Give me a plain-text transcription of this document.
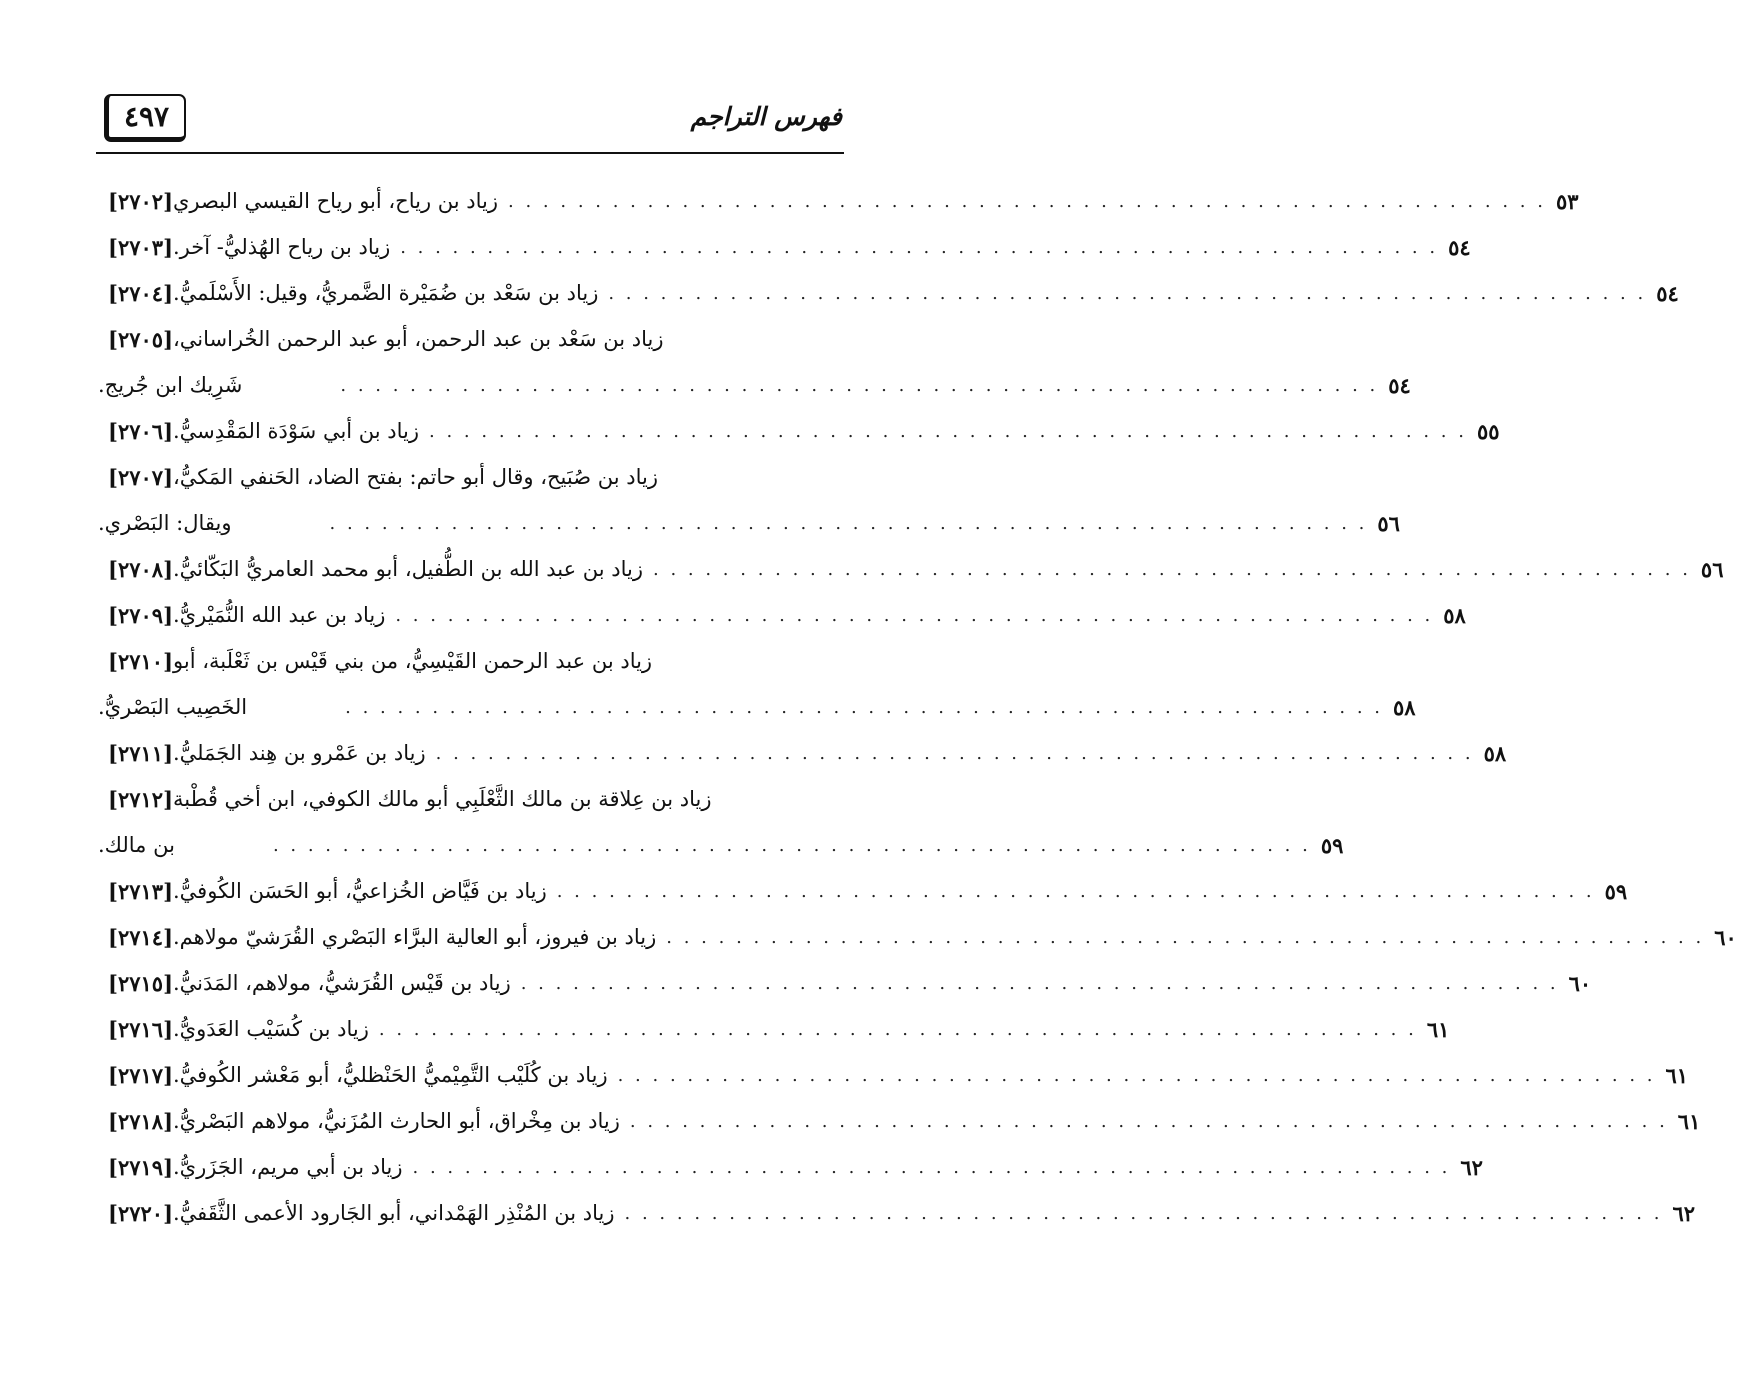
٤٩٧	فهرس التراجم
[٢٧٠٢] زياد بن رياح، أبو رياح القيسي البصري . . . . . . . . . . . . . . . . . . . . . . . . . . . . . . . . . . . . . . . . . . . . . . . . . . . . . . . . . . . . ٥٣
[٢٧٠٣] زياد بن رياح الهُذليُّ- آخر. . . . . . . . . . . . . . . . . . . . . . . . . . . . . . . . . . . . . . . . . . . . . . . . . . . . . . . . . . . . . ٥٤
[٢٧٠٤] زياد بن سَعْد بن ضُمَيْرة الضَّمريُّ، وقيل: الأَسْلَميُّ. . . . . . . . . . . . . . . . . . . . . . . . . . . . . . . . . . . . . . . . . . . . . . . . . . . . . . . . . . . . . ٥٤
[٢٧٠٥] زياد بن سَعْد بن عبد الرحمن، أبو عبد الرحمن الخُراساني،
شَرِيك ابن جُريج.	. . . . . . . . . . . . . . . . . . . . . . . . . . . . . . . . . . . . . . . . . . . . . . . . . . . . . . . . . . . . ٥٤
[٢٧٠٦] زياد بن أبي سَوْدَة المَقْدِسيُّ. . . . . . . . . . . . . . . . . . . . . . . . . . . . . . . . . . . . . . . . . . . . . . . . . . . . . . . . . . . . . ٥٥
[٢٧٠٧] زياد بن صُبَيح، وقال أبو حاتم: بفتح الضاد، الحَنفي المَكيُّ،
ويقال: البَصْري.	. . . . . . . . . . . . . . . . . . . . . . . . . . . . . . . . . . . . . . . . . . . . . . . . . . . . . . . . . . . . ٥٦
[٢٧٠٨] زياد بن عبد الله بن الطُّفيل، أبو محمد العامريُّ البَكّائيُّ. . . . . . . . . . . . . . . . . . . . . . . . . . . . . . . . . . . . . . . . . . . . . . . . . . . . . . . . . . . . . ٥٦
[٢٧٠٩] زياد بن عبد الله النُّمَيْريُّ. . . . . . . . . . . . . . . . . . . . . . . . . . . . . . . . . . . . . . . . . . . . . . . . . . . . . . . . . . . . . ٥٨
[٢٧١٠] زياد بن عبد الرحمن القَيْسِيُّ، من بني قَيْس بن ثَعْلَبة، أبو
الخَصِيب البَصْريُّ.	. . . . . . . . . . . . . . . . . . . . . . . . . . . . . . . . . . . . . . . . . . . . . . . . . . . . . . . . . . . . ٥٨
[٢٧١١] زياد بن عَمْرو بن هِند الجَمَليُّ. . . . . . . . . . . . . . . . . . . . . . . . . . . . . . . . . . . . . . . . . . . . . . . . . . . . . . . . . . . . . ٥٨
[٢٧١٢] زياد بن عِلاقة بن مالك الثَّعْلَبِي أبو مالك الكوفي، ابن أخي قُطْبة
بن مالك.	. . . . . . . . . . . . . . . . . . . . . . . . . . . . . . . . . . . . . . . . . . . . . . . . . . . . . . . . . . . . ٥٩
[٢٧١٣] زياد بن فَيَّاض الخُزاعيُّ، أبو الحَسَن الكُوفيُّ. . . . . . . . . . . . . . . . . . . . . . . . . . . . . . . . . . . . . . . . . . . . . . . . . . . . . . . . . . . . . ٥٩
[٢٧١٤] زياد بن فيروز، أبو العالية البرَّاء البَصْري القُرَشيّ مولاهم. . . . . . . . . . . . . . . . . . . . . . . . . . . . . . . . . . . . . . . . . . . . . . . . . . . . . . . . . . . . . ٦٠
[٢٧١٥] زياد بن قَيْس القُرَشيُّ، مولاهم، المَدَنيُّ. . . . . . . . . . . . . . . . . . . . . . . . . . . . . . . . . . . . . . . . . . . . . . . . . . . . . . . . . . . . . ٦٠
[٢٧١٦] زياد بن كُسَيْب العَدَويُّ. . . . . . . . . . . . . . . . . . . . . . . . . . . . . . . . . . . . . . . . . . . . . . . . . . . . . . . . . . . . . ٦١
[٢٧١٧] زياد بن كُلَيْب التَّمِيْميُّ الحَنْظليُّ، أبو مَعْشر الكُوفيُّ. . . . . . . . . . . . . . . . . . . . . . . . . . . . . . . . . . . . . . . . . . . . . . . . . . . . . . . . . . . . . ٦١
[٢٧١٨] زياد بن مِخْراق، أبو الحارث المُزَنيُّ، مولاهم البَصْريُّ. . . . . . . . . . . . . . . . . . . . . . . . . . . . . . . . . . . . . . . . . . . . . . . . . . . . . . . . . . . . . ٦١
[٢٧١٩] زياد بن أبي مريم، الجَزَريُّ. . . . . . . . . . . . . . . . . . . . . . . . . . . . . . . . . . . . . . . . . . . . . . . . . . . . . . . . . . . . . ٦٢
[٢٧٢٠] زياد بن المُنْذِر الهَمْداني، أبو الجَارود الأعمى الثَّقَفيُّ. . . . . . . . . . . . . . . . . . . . . . . . . . . . . . . . . . . . . . . . . . . . . . . . . . . . . . . . . . . . . ٦٢
